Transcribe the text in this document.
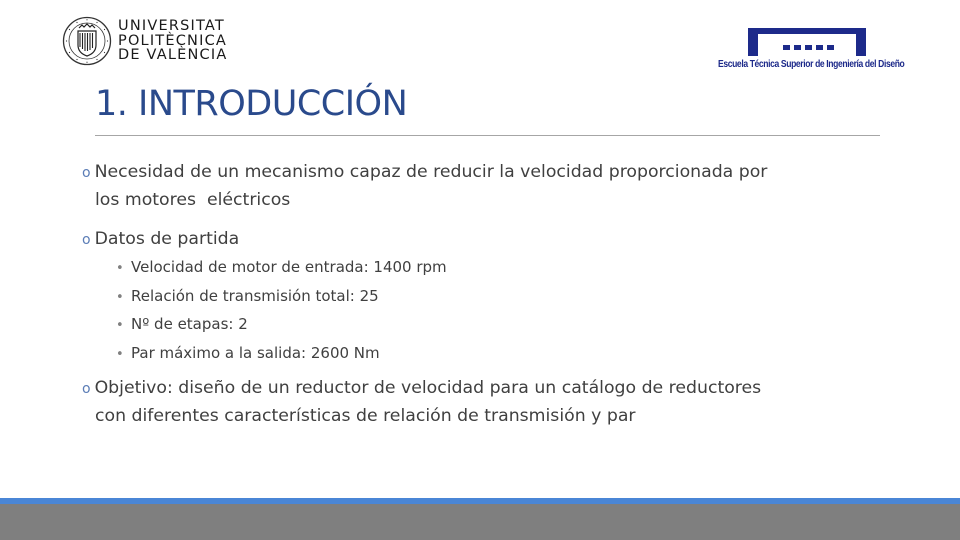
UNIVERSITAT
POLITÈCNICA
DE VALÈNCIA
Escuela Técnica Superior de Ingeniería del Diseño
1. INTRODUCCIÓN
o Necesidad de un mecanismo capaz de reducir la velocidad proporcionada por
los motores  eléctricos
o Datos de partida
• Velocidad de motor de entrada: 1400 rpm
• Relación de transmisión total: 25
• Nº de etapas: 2
• Par máximo a la salida: 2600 Nm
o Objetivo: diseño de un reductor de velocidad para un catálogo de reductores
con diferentes características de relación de transmisión y par
